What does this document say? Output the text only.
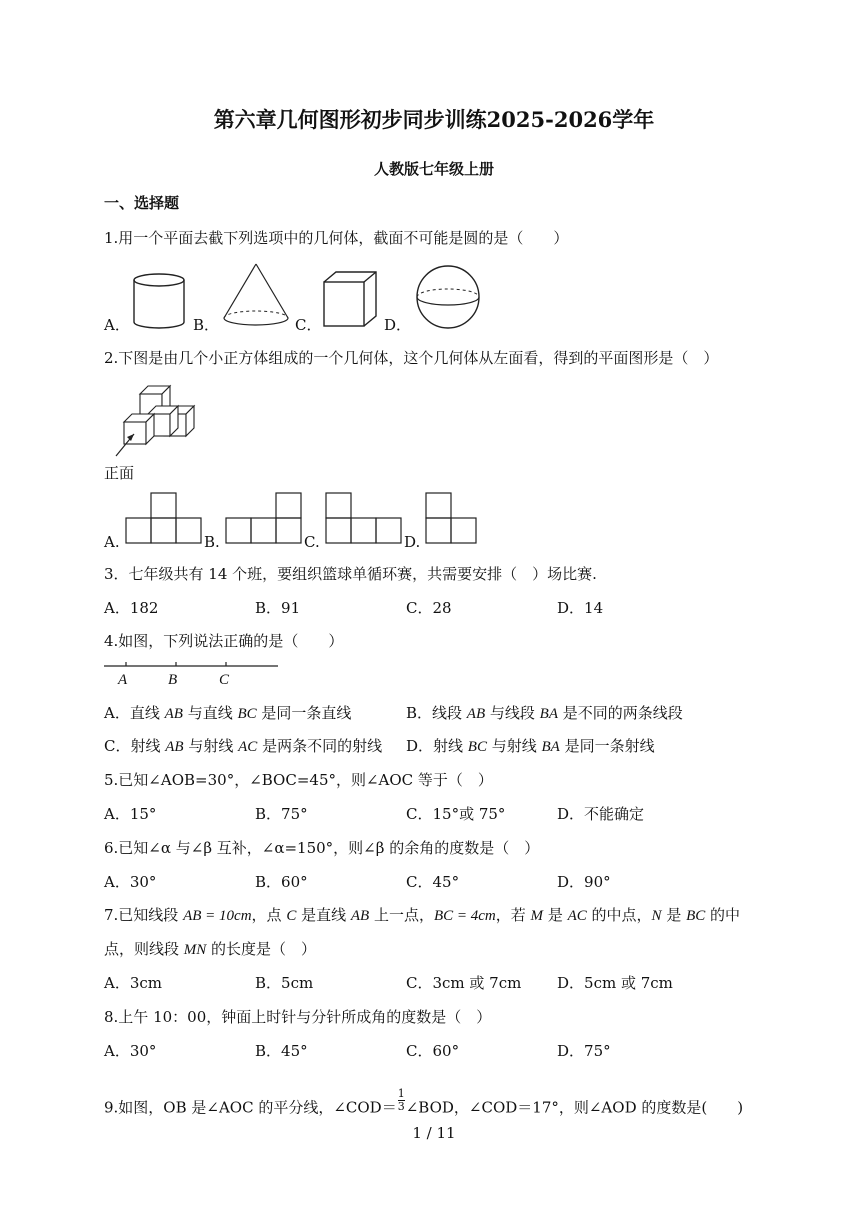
第六章几何图形初步同步训练2025-2026学年
人教版七年级上册
一、选择题
1.用一个平面去截下列选项中的几何体，截面不可能是圆的是（　　）
A．	B．	C．	D．
2.下图是由几个小正方体组成的一个几何体，这个几何体从左面看，得到的平面图形是（　）
正面
A.	B.	C.	D.
3．七年级共有 14 个班，要组织篮球单循环赛，共需要安排（　）场比赛.
A．182	B．91	C．28	D．14
4.如图，下列说法正确的是（　　）
A	B	C
A．直线 AB 与直线 BC 是同一条直线	B．线段 AB 与线段 BA 是不同的两条线段
C．射线 AB 与射线 AC 是两条不同的射线 D．射线 BC 与射线 BA 是同一条射线
5.已知∠AOB=30°，∠BOC=45°，则∠AOC 等于（　）
A．15°	B．75°	C．15°或 75°	D．不能确定
6.已知∠α 与∠β 互补，∠α=150°，则∠β 的余角的度数是（　）
A．30°	B．60°	C．45°	D．90°
7.已知线段 AB = 10cm，点 C 是直线 AB 上一点，BC = 4cm，若 M 是 AC 的中点，N 是 BC 的中
点，则线段 MN 的长度是（　）
A．3cm	B．5cm	C．3cm 或 7cm D．5cm 或 7cm
8.上午 10：00，钟面上时针与分针所成角的度数是（　）
A．30°	B．45°	C．60°	D．75°
9.如图，OB 是∠AOC 的平分线，∠COD＝ $\frac{1}{3}$ ∠BOD，∠COD＝17°，则∠AOD 的度数是(　　)
1 / 11
